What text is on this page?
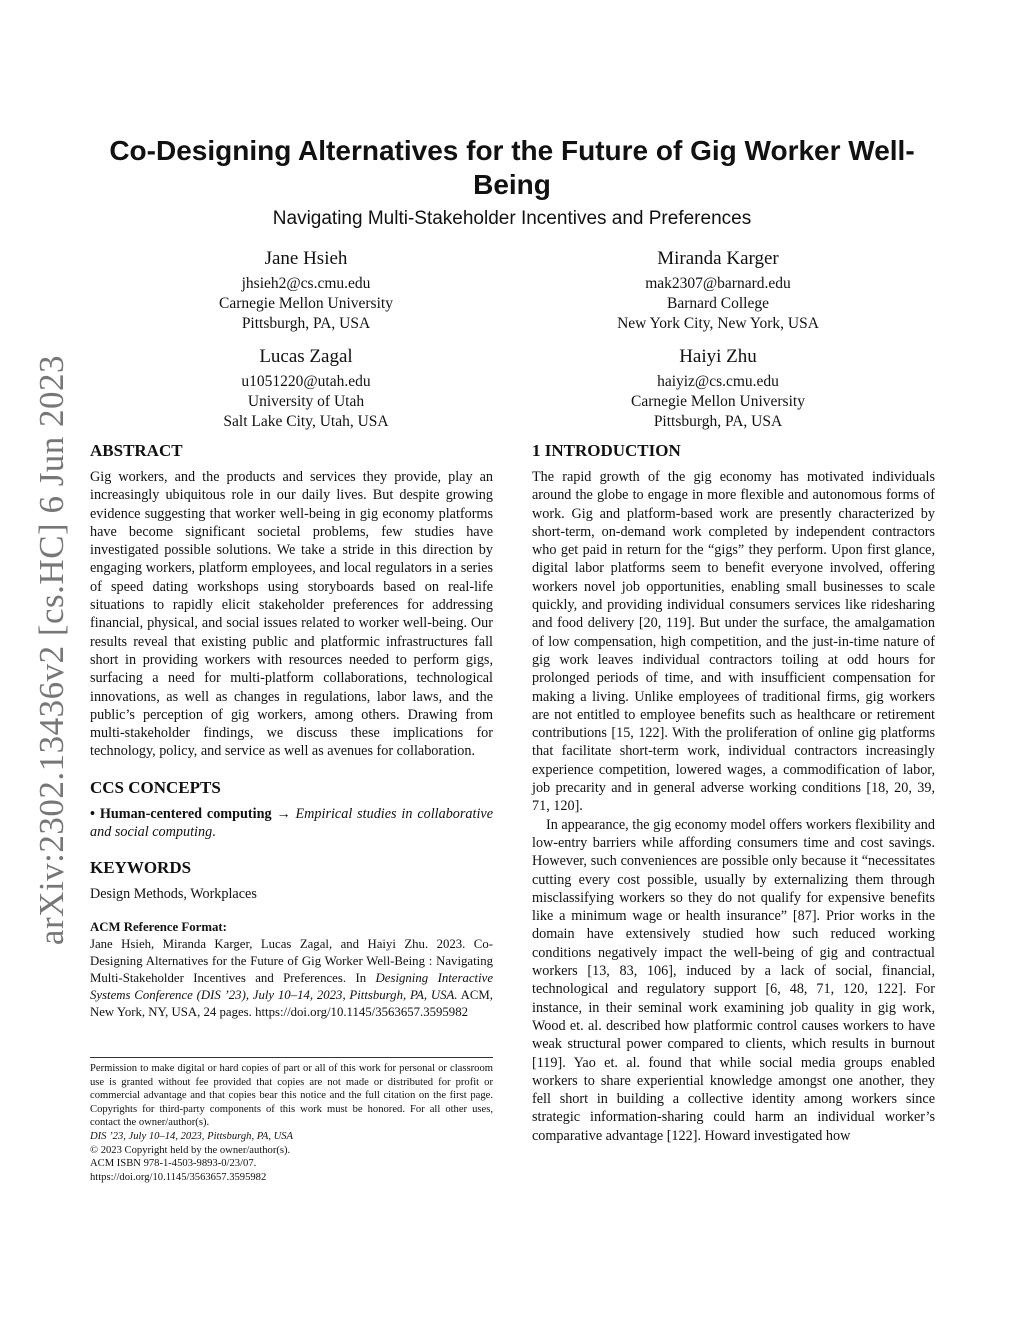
arXiv:2302.13436v2 [cs.HC] 6 Jun 2023
Co-Designing Alternatives for the Future of Gig Worker Well-Being
Navigating Multi-Stakeholder Incentives and Preferences
Jane Hsieh
jhsieh2@cs.cmu.edu
Carnegie Mellon University
Pittsburgh, PA, USA
Miranda Karger
mak2307@barnard.edu
Barnard College
New York City, New York, USA
Lucas Zagal
u1051220@utah.edu
University of Utah
Salt Lake City, Utah, USA
Haiyi Zhu
haiyiz@cs.cmu.edu
Carnegie Mellon University
Pittsburgh, PA, USA
ABSTRACT

Gig workers, and the products and services they provide, play an increasingly ubiquitous role in our daily lives. But despite growing evidence suggesting that worker well-being in gig economy platforms have become significant societal problems, few studies have investigated possible solutions. We take a stride in this direction by engaging workers, platform employees, and local regulators in a series of speed dating workshops using storyboards based on real-life situations to rapidly elicit stakeholder preferences for addressing financial, physical, and social issues related to worker well-being. Our results reveal that existing public and platformic infrastructures fall short in providing workers with resources needed to perform gigs, surfacing a need for multi-platform collaborations, technological innovations, as well as changes in regulations, labor laws, and the public’s perception of gig workers, among others. Drawing from multi-stakeholder findings, we discuss these implications for technology, policy, and service as well as avenues for collaboration.

CCS CONCEPTS

• Human-centered computing → Empirical studies in collaborative and social computing.

KEYWORDS

Design Methods, Workplaces

ACM Reference Format:

Jane Hsieh, Miranda Karger, Lucas Zagal, and Haiyi Zhu. 2023. Co-Designing Alternatives for the Future of Gig Worker Well-Being : Navigating Multi-Stakeholder Incentives and Preferences. In Designing Interactive Systems Conference (DIS ’23), July 10–14, 2023, Pittsburgh, PA, USA. ACM, New York, NY, USA, 24 pages. https://doi.org/10.1145/3563657.3595982

Permission to make digital or hard copies of part or all of this work for personal or classroom use is granted without fee provided that copies are not made or distributed for profit or commercial advantage and that copies bear this notice and the full citation on the first page. Copyrights for third-party components of this work must be honored. For all other uses, contact the owner/author(s).

DIS ’23, July 10–14, 2023, Pittsburgh, PA, USA

© 2023 Copyright held by the owner/author(s).

ACM ISBN 978-1-4503-9893-0/23/07.

https://doi.org/10.1145/3563657.3595982

1 INTRODUCTION

The rapid growth of the gig economy has motivated individuals around the globe to engage in more flexible and autonomous forms of work. Gig and platform-based work are presently characterized by short-term, on-demand work completed by independent contractors who get paid in return for the “gigs” they perform. Upon first glance, digital labor platforms seem to benefit everyone involved, offering workers novel job opportunities, enabling small businesses to scale quickly, and providing individual consumers services like ridesharing and food delivery [20, 119]. But under the surface, the amalgamation of low compensation, high competition, and the just-in-time nature of gig work leaves individual contractors toiling at odd hours for prolonged periods of time, and with insufficient compensation for making a living. Unlike employees of traditional firms, gig workers are not entitled to employee benefits such as healthcare or retirement contributions [15, 122]. With the proliferation of online gig platforms that facilitate short-term work, individual contractors increasingly experience competition, lowered wages, a commodification of labor, job precarity and in general adverse working conditions [18, 20, 39, 71, 120].

In appearance, the gig economy model offers workers flexibility and low-entry barriers while affording consumers time and cost savings. However, such conveniences are possible only because it “necessitates cutting every cost possible, usually by externalizing them through misclassifying workers so they do not qualify for expensive benefits like a minimum wage or health insurance” [87]. Prior works in the domain have extensively studied how such reduced working conditions negatively impact the well-being of gig and contractual workers [13, 83, 106], induced by a lack of social, financial, technological and regulatory support [6, 48, 71, 120, 122]. For instance, in their seminal work examining job quality in gig work, Wood et. al. described how platformic control causes workers to have weak structural power compared to clients, which results in burnout [119]. Yao et. al. found that while social media groups enabled workers to share experiential knowledge amongst one another, they fell short in building a collective identity among workers since strategic information-sharing could harm an individual worker’s comparative advantage [122]. Howard investigated how
